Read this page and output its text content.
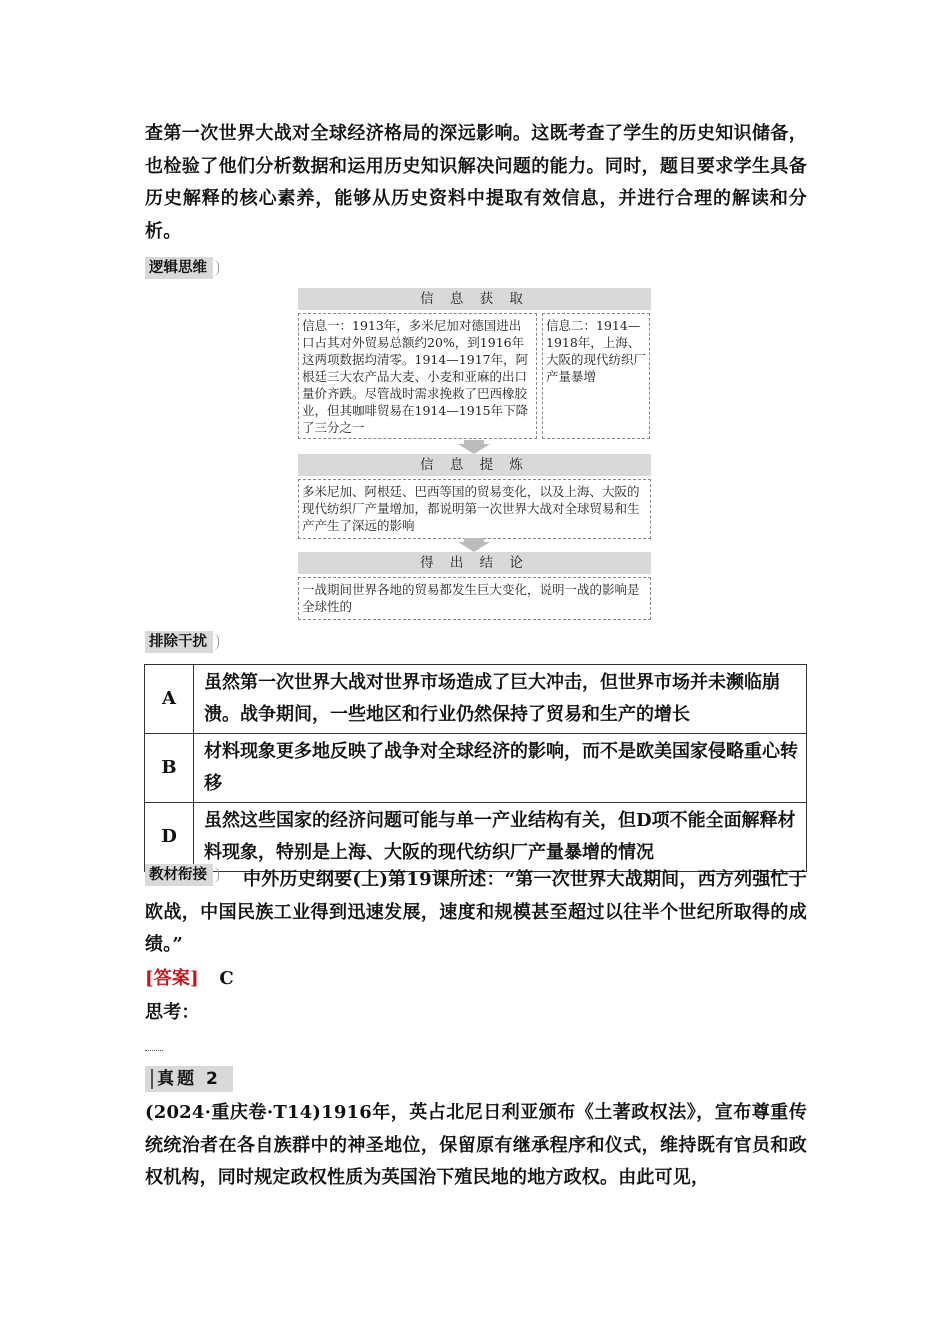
查第一次世界大战对全球经济格局的深远影响。这既考查了学生的历史知识储备，也检验了他们分析数据和运用历史知识解决问题的能力。同时，题目要求学生具备历史解释的核心素养，能够从历史资料中提取有效信息，并进行合理的解读和分析。
逻辑思维
信 息 获 取
信息一：1913年，多米尼加对德国进出口占其对外贸易总额约20%，到1916年这两项数据均清零。1914—1917年，阿根廷三大农产品大麦、小麦和亚麻的出口量价齐跌。尽管战时需求挽救了巴西橡胶业，但其咖啡贸易在1914—1915年下降了三分之一
信息二：1914—1918年，上海、大阪的现代纺织厂产量暴增
信 息 提 炼
多米尼加、阿根廷、巴西等国的贸易变化，以及上海、大阪的现代纺织厂产量增加，都说明第一次世界大战对全球贸易和生产产生了深远的影响
得 出 结 论
一战期间世界各地的贸易都发生巨大变化，说明一战的影响是全球性的
排除干扰
A	虽然第一次世界大战对世界市场造成了巨大冲击，但世界市场并未濒临崩溃。战争期间，一些地区和行业仍然保持了贸易和生产的增长
B	材料现象更多地反映了战争对全球经济的影响，而不是欧美国家侵略重心转移
D	虽然这些国家的经济问题可能与单一产业结构有关，但D项不能全面解释材料现象，特别是上海、大阪的现代纺织厂产量暴增的情况
教材衔接	中外历史纲要(上)第19课所述：“第一次世界大战期间，西方列强忙于欧战，中国民族工业得到迅速发展，速度和规模甚至超过以往半个世纪所取得的成绩。”
[答案] C
思考：
真题 2
(2024·重庆卷·T14)1916年，英占北尼日利亚颁布《土著政权法》，宣布尊重传统统治者在各自族群中的神圣地位，保留原有继承程序和仪式，维持既有官员和政权机构，同时规定政权性质为英国治下殖民地的地方政权。由此可见，
